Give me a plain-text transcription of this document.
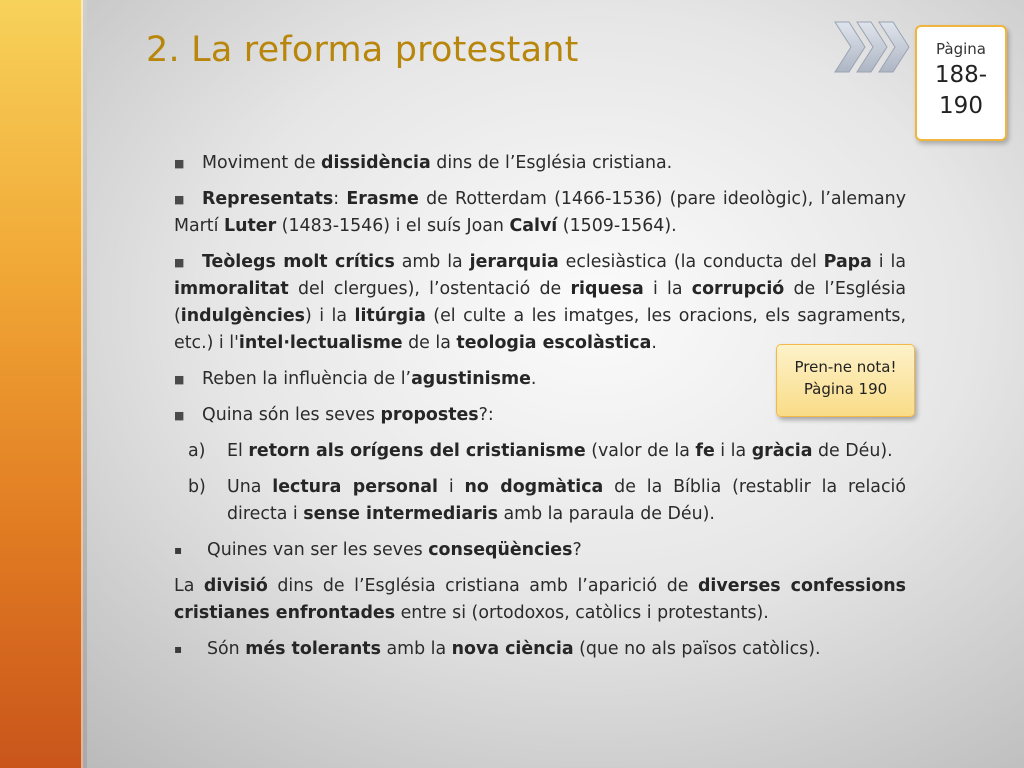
2. La reforma protestant	Pàgina
188-190

■ Moviment de dissidència dins de l’Església cristiana.

■ Representats: Erasme de Rotterdam (1466-1536) (pare ideològic), l’alemany Martí Luter (1483-1546) i el suís Joan Calví (1509-1564).

■ Teòlegs molt crítics amb la jerarquia eclesiàstica (la conducta del Papa i la immoralitat del clergues), l’ostentació de riquesa i la corrupció de l’Església (indulgències) i la litúrgia (el culte a les imatges, les oracions, els sagraments, etc.) i l'intel·lectualisme de la teologia escolàstica.

■ Reben la influència de l’agustinisme.

■ Quina són les seves propostes?:

a) El retorn als orígens del cristianisme (valor de la fe i la gràcia de Déu).
b) Una lectura personal i no dogmàtica de la Bíblia (restablir la relació directa i sense intermediaris amb la paraula de Déu).

▪ Quines van ser les seves conseqüències?

La divisió dins de l’Església cristiana amb l’aparició de diverses confessions cristianes enfrontades entre si (ortodoxos, catòlics i protestants).

▪ Són més tolerants amb la nova ciència (que no als països catòlics).

Pren-ne nota!
Pàgina 190
